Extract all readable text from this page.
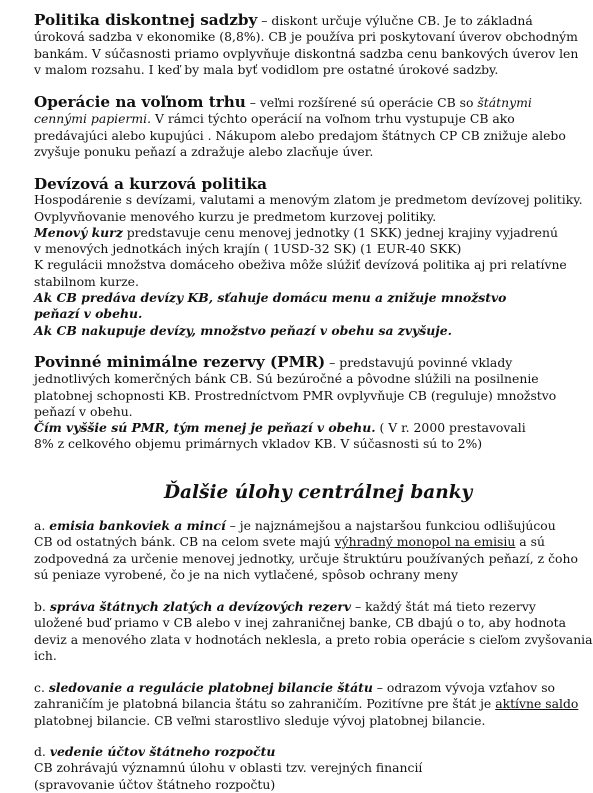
Politika diskontnej sadzby – diskont určuje výlučne CB. Je to základná
úroková sadzba v ekonomike (8,8%). CB je používa pri poskytovaní úverov obchodným
bankám. V súčasnosti priamo ovplyvňuje diskontná sadzba cenu bankových úverov len
v malom rozsahu. I keď by mala byť vodidlom pre ostatné úrokové sadzby.
Operácie na voľnom trhu – veľmi rozšírené sú operácie CB so štátnymi
cennými papiermi. V rámci týchto operácií na voľnom trhu vystupuje CB ako
predávajúci alebo kupujúci . Nákupom alebo predajom štátnych CP CB znižuje alebo
zvyšuje ponuku peňazí a zdražuje alebo zlacňuje úver.
Devízová a kurzová politika
Hospodárenie s devízami, valutami a menovým zlatom je predmetom devízovej politiky.
Ovplyvňovanie menového kurzu je predmetom kurzovej politiky.
Menový kurz predstavuje cenu menovej jednotky (1 SKK) jednej krajiny vyjadrenú
v menových jednotkách iných krajín ( 1USD-32 SK) (1 EUR-40 SKK)
K regulácii množstva domáceho obeživa môže slúžiť devízová politika aj pri relatívne
stabilnom kurze.
Ak CB predáva devízy KB, sťahuje domácu menu a znižuje množstvo
peňazí v obehu.
Ak CB nakupuje devízy, množstvo peňazí v obehu sa zvyšuje.
Povinné minimálne rezervy (PMR) – predstavujú povinné vklady
jednotlivých komerčných bánk CB. Sú bezúročné a pôvodne slúžili na posilnenie
platobnej schopnosti KB. Prostredníctvom PMR ovplyvňuje CB (reguluje) množstvo
peňazí v obehu.
Čím vyššie sú PMR, tým menej je peňazí v obehu. ( V r. 2000 prestavovali
8% z celkového objemu primárnych vkladov KB. V súčasnosti sú to 2%)
Ďalšie úlohy centrálnej banky
a. emisia bankoviek a mincí – je najznámejšou a najstaršou funkciou odlišujúcou
CB od ostatných bánk. CB na celom svete majú výhradný monopol na emisiu a sú
zodpovedná za určenie menovej jednotky, určuje štruktúru používaných peňazí, z čoho
sú peniaze vyrobené, čo je na nich vytlačené, spôsob ochrany meny
b. správa štátnych zlatých a devízových rezerv – každý štát má tieto rezervy
uložené buď priamo v CB alebo v inej zahraničnej banke, CB dbajú o to, aby hodnota
deviz a menového zlata v hodnotách neklesla, a preto robia operácie s cieľom zvyšovania
ich.
c. sledovanie a regulácie platobnej bilancie štátu – odrazom vývoja vzťahov so
zahraničím je platobná bilancia štátu so zahraničím. Pozitívne pre štát je aktívne saldo
platobnej bilancie. CB veľmi starostlivo sleduje vývoj platobnej bilancie.
d. vedenie účtov štátneho rozpočtu
CB zohrávajú významnú úlohu v oblasti tzv. verejných financií
(spravovanie účtov štátneho rozpočtu)
